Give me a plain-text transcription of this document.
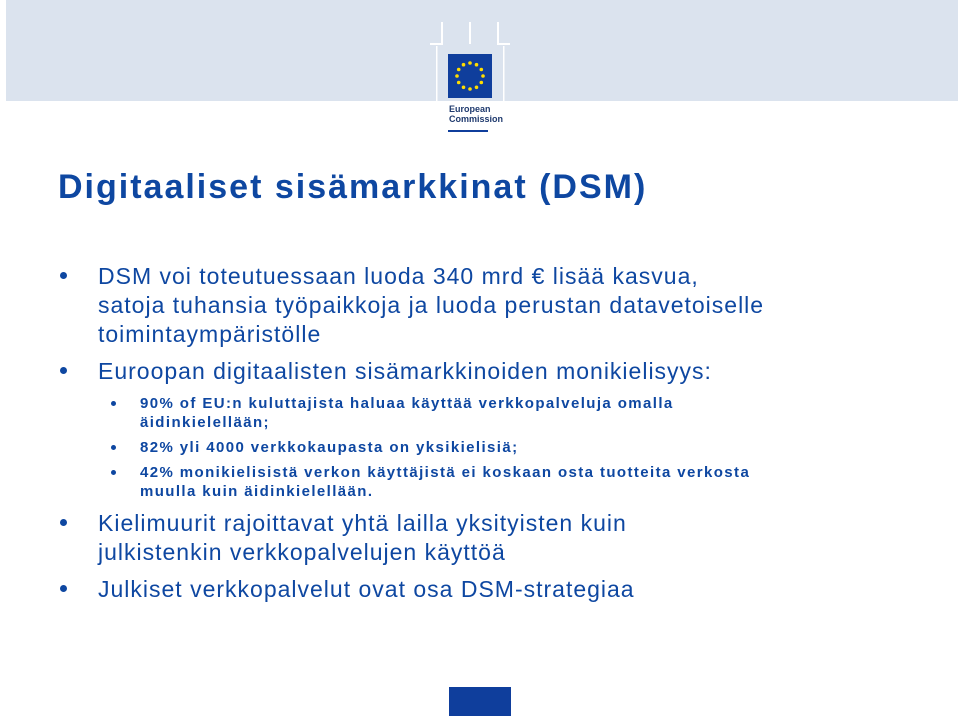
European
Commission
Digitaaliset sisämarkkinat (DSM)
DSM voi toteutuessaan luoda 340 mrd € lisää kasvua,
satoja tuhansia työpaikkoja ja luoda perustan datavetoiselle
toimintaympäristölle
Euroopan digitaalisten sisämarkkinoiden monikielisyys:
90% of EU:n kuluttajista haluaa käyttää verkkopalveluja omalla
äidinkielellään;
82% yli 4000 verkkokaupasta on yksikielisiä;
42% monikielisistä verkon käyttäjistä ei koskaan osta tuotteita verkosta
muulla kuin äidinkielellään.
Kielimuurit rajoittavat yhtä lailla yksityisten kuin
julkistenkin verkkopalvelujen käyttöä
Julkiset verkkopalvelut ovat osa DSM-strategiaa
